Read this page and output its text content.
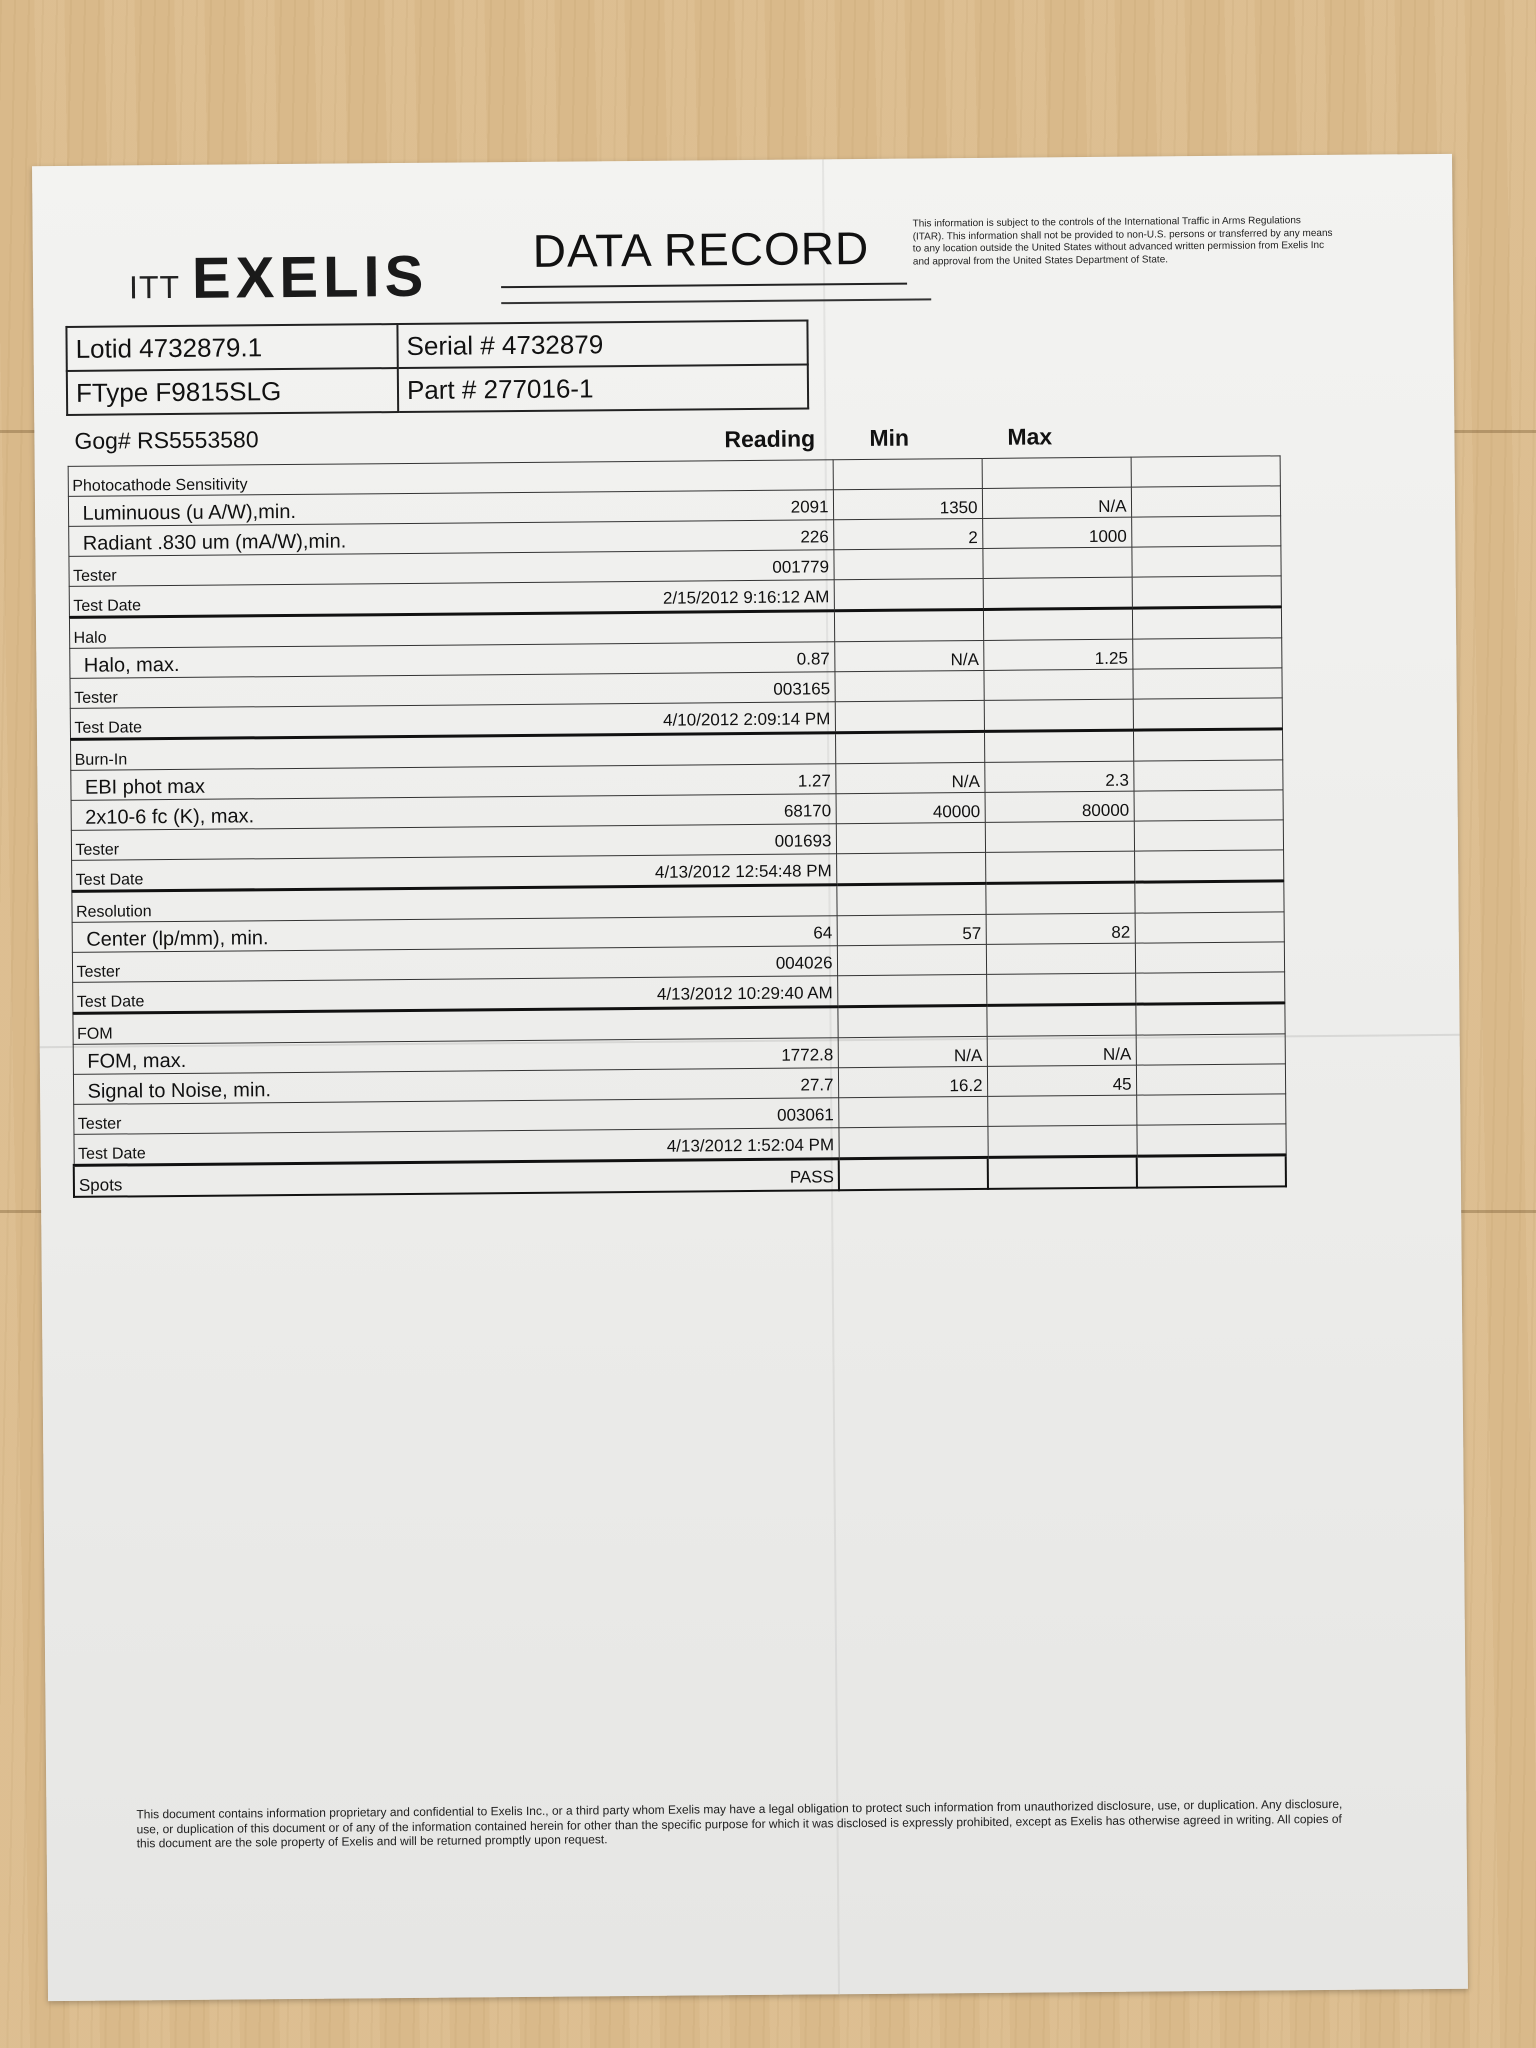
ITT EXELIS DATA RECORD	This information is subject to the controls of the International Traffic in Arms Regulations (ITAR). This information shall not be provided to non-U.S. persons or transferred by any means to any location outside the United States without advanced written permission from Exelis Inc and approval from the United States Department of State.
Lotid 4732879.1	Serial # 4732879
FType F9815SLG	Part # 277016-1
Gog# RS5553580	Reading Min	Max
Photocathode Sensitivity

Luminuous (u A/W),min. 2091	1350	N/A	
Radiant .830 um (mA/W),min. 226	2	1000	
Tester 001779			

Test Date 2/15/2012 9:16:12 AM			

Halo

Halo, max. 0.87	N/A	1.25	
Tester 003165			

Test Date 4/10/2012 2:09:14 PM			

Burn-In

EBI phot max 1.27	N/A	2.3	
2x10-6 fc (K), max. 68170	40000	80000	
Tester 001693			

Test Date 4/13/2012 12:54:48 PM			

Resolution

Center (lp/mm), min. 64	57	82	
Tester 004026			

Test Date 4/13/2012 10:29:40 AM			

FOM

FOM, max. 1772.8	N/A	N/A	
Signal to Noise, min. 27.7	16.2	45	
Tester 003061			

Test Date 4/13/2012 1:52:04 PM			

Spots PASS			

This document contains information proprietary and confidential to Exelis Inc., or a third party whom Exelis may have a legal obligation to protect such information from unauthorized disclosure, use, or duplication. Any disclosure, use, or duplication of this document or of any of the information contained herein for other than the specific purpose for which it was disclosed is expressly prohibited, except as Exelis has otherwise agreed in writing. All copies of this document are the sole property of Exelis and will be returned promptly upon request.
